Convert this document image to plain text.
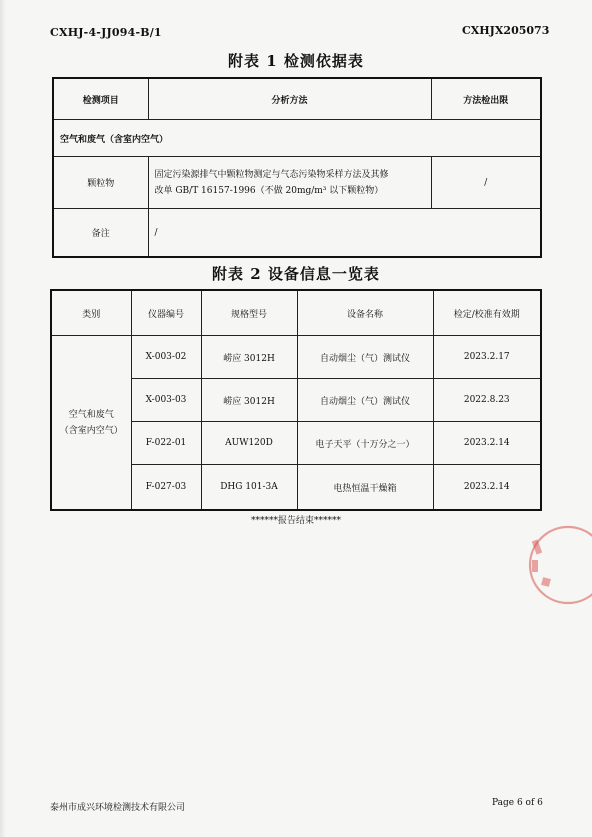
CXHJ-4-JJ094-B/1	CXHJX205073
附表 1 检测依据表
检测项目	分析方法	方法检出限
空气和废气（含室内空气）		
颗粒物	固定污染源排气中颗粒物测定与气态污染物采样方法及其修
改单 GB/T 16157-1996（不做 20mg/m³ 以下颗粒物）	/
备注	/	
附表 2 设备信息一览表
类别	仪器编号	规格型号	设备名称	检定/校准有效期

空气和废气
（含室内空气）	X-003-02	崂应 3012H	自动烟尘（气）测试仪	2023.2.17
	X-003-03	崂应 3012H	自动烟尘（气）测试仪	2022.8.23
	F-022-01	AUW120D	电子天平（十万分之一）	2023.2.14
	F-027-03	DHG 101-3A	电热恒温干燥箱	2023.2.14
******报告结束******
泰州市成兴环境检测技术有限公司	Page 6 of 6
